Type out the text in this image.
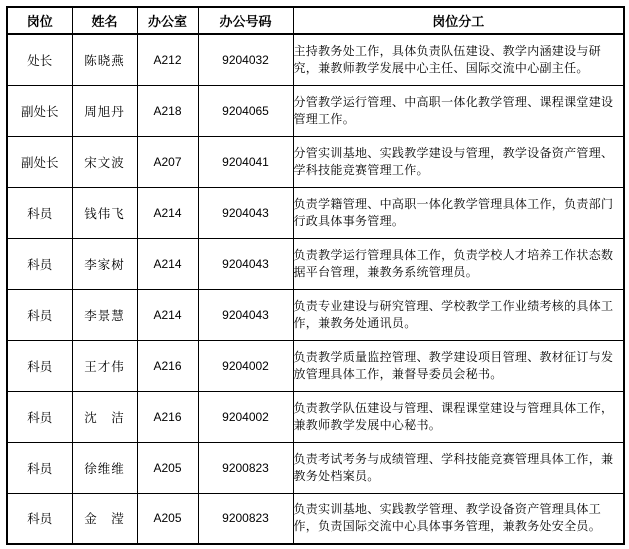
岗位	姓名	办公室	办公号码	岗位分工
处长	陈晓燕	A212	9204032	主持教务处工作，具体负责队伍建设、教学内涵建设与研究，兼教师教学发展中心主任、国际交流中心副主任。
副处长	周旭丹	A218	9204065	分管教学运行管理、中高职一体化教学管理、课程课堂建设管理工作。
副处长	宋文波	A207	9204041	分管实训基地、实践教学建设与管理，教学设备资产管理、学科技能竞赛管理工作。
科员	钱伟飞	A214	9204043	负责学籍管理、中高职一体化教学管理具体工作，负责部门行政具体事务管理。
科员	李家树	A214	9204043	负责教学运行管理具体工作，负责学校人才培养工作状态数据平台管理，兼教务系统管理员。
科员	李景慧	A214	9204043	负责专业建设与研究管理、学校教学工作业绩考核的具体工作，兼教务处通讯员。
科员	王才伟	A216	9204002	负责教学质量监控管理、教学建设项目管理、教材征订与发放管理具体工作，兼督导委员会秘书。
科员	沈　洁	A216	9204002	负责教学队伍建设与管理、课程课堂建设与管理具体工作，兼教师教学发展中心秘书。
科员	徐维维	A205	9200823	负责考试考务与成绩管理、学科技能竞赛管理具体工作，兼教务处档案员。
科员	金　滢	A205	9200823	负责实训基地、实践教学管理、教学设备资产管理具体工作，负责国际交流中心具体事务管理，兼教务处安全员。
